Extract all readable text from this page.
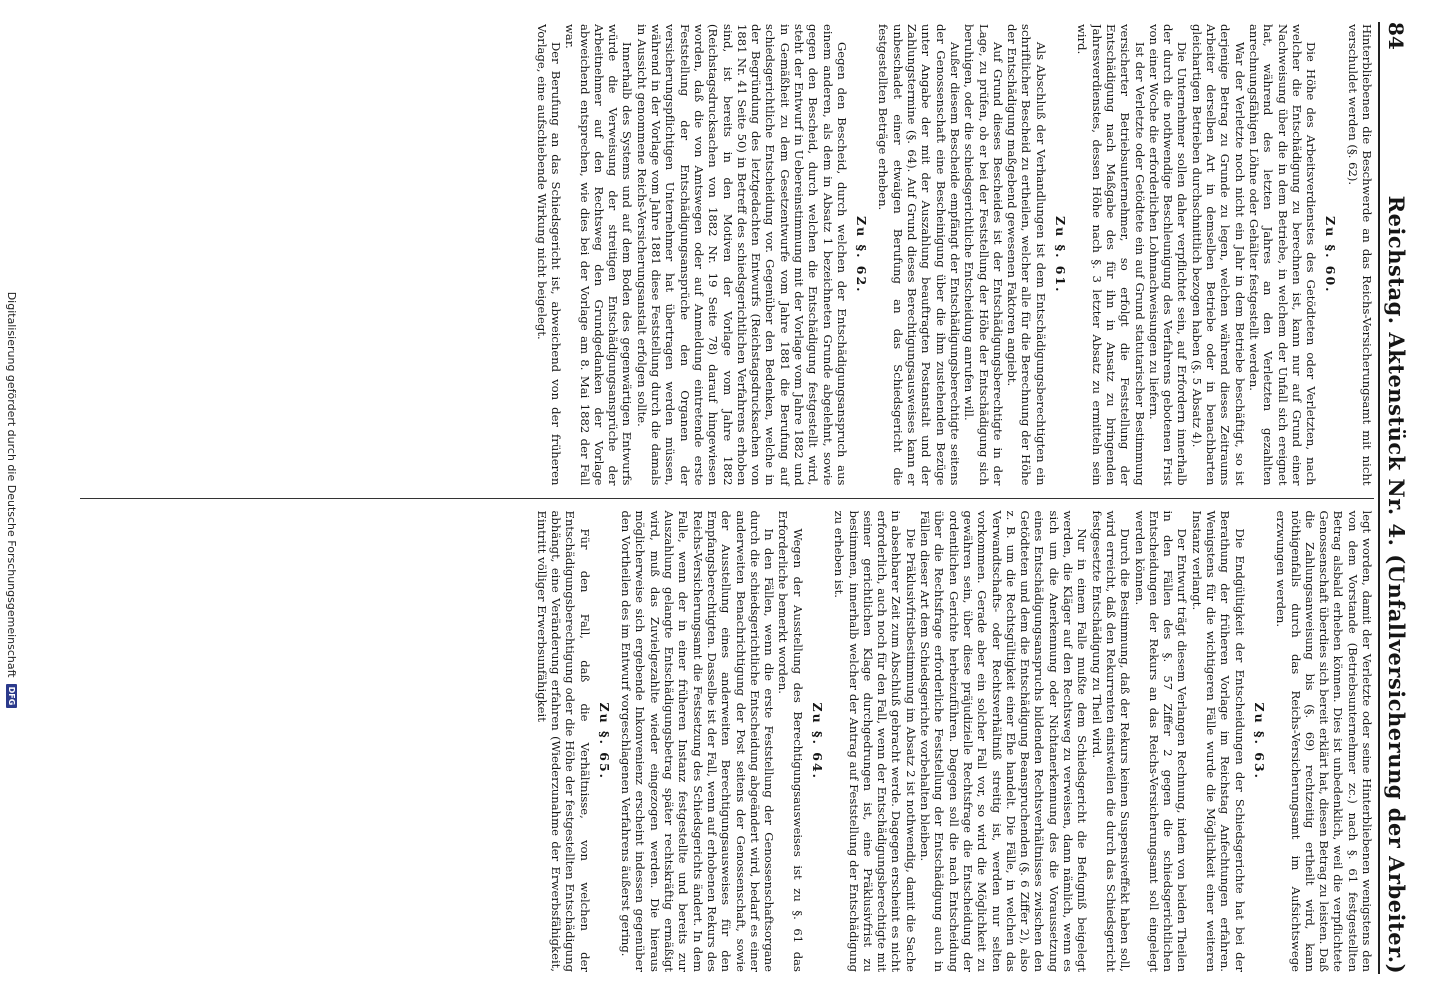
84
Reichstag. Aktenstück Nr. 4. (Unfallversicherung der Arbeiter.)

Hinterbliebenen die Beschwerde an das Reichs-Versicherungsamt mit nicht verschuldet werden (§. 62).

Zu §. 60.

Die Höhe des Arbeitsverdienstes des Getödteten oder Verletzten, nach welcher die Entschädigung zu berechnen ist, kann nur auf Grund einer Nachweisung über die in dem Betriebe, in welchem der Unfall sich ereignet hat, während des letzten Jahres an den Verletzten gezahlten anrechnungsfähigen Löhne oder Gehälter festgestellt werden.

War der Verletzte noch nicht ein Jahr in dem Betriebe beschäftigt, so ist derjenige Betrag zu Grunde zu legen, welchen während dieses Zeitraums Arbeiter derselben Art in demselben Betriebe oder in benachbarten gleichartigen Betrieben durchschnittlich bezogen haben (§. 5 Absatz 4).

Die Unternehmer sollen daher verpflichtet sein, auf Erfordern innerhalb der durch die nothwendige Beschleunigung des Verfahrens gebotenen Frist von einer Woche die erforderlichen Lohnnachweisungen zu liefern.

Ist der Verletzte oder Getödtete ein auf Grund statutarischer Bestimmung versicherter Betriebsunternehmer, so erfolgt die Feststellung der Entschädigung nach Maßgabe des für ihn in Ansatz zu bringenden Jahresverdienstes, dessen Höhe nach §. 3 letzter Absatz zu ermitteln sein wird.

Zu §. 61.

Als Abschluß der Verhandlungen ist dem Entschädigungsberechtigten ein schriftlicher Bescheid zu ertheilen, welcher alle für die Berechnung der Höhe der Entschädigung maßgebend gewesenen Faktoren angiebt.

Auf Grund dieses Bescheides ist der Entschädigungsberechtigte in der Lage, zu prüfen, ob er bei der Feststellung der Höhe der Entschädigung sich beruhigen, oder die schiedsgerichtliche Entscheidung anrufen will.

Außer diesem Bescheide empfängt der Entschädigungsberechtigte seitens der Genossenschaft eine Bescheinigung über die ihm zustehenden Bezüge unter Angabe der mit der Auszahlung beauftragten Postanstalt und der Zahlungstermine (§. 64). Auf Grund dieses Berechtigungsausweises kann er unbeschadet einer etwaigen Berufung an das Schiedsgericht die festgestellten Beträge erheben.

Zu §. 62.

Gegen den Bescheid, durch welchen der Entschädigungsanspruch aus einem anderen, als dem in Absatz 1 bezeichneten Grunde abgelehnt, sowie gegen den Bescheid, durch welchen die Entschädigung festgestellt wird, steht der Entwurf in Uebereinstimmung mit der Vorlage vom Jahre 1882 und in Gemäßheit zu dem Gesetzentwurfe vom Jahre 1881 die Berufung auf schiedsgerichtliche Entscheidung vor. Gegenüber den Bedenken, welche in der Begründung des letztgedachten Entwurfs (Reichstagsdrucksachen von 1881 Nr. 41 Seite 50) in Betreff des schiedsgerichtlichen Verfahrens erhoben sind, ist bereits in den Motiven der Vorlage vom Jahre 1882 (Reichstagsdrucksachen von 1882 Nr. 19 Seite 78) darauf hingewiesen worden, daß die von Amtswegen oder auf Anmeldung eintretende erste Feststellung der Entschädigungsansprüche den Organen der versicherungspflichtigen Unternehmer hat übertragen werden müssen, während in der Vorlage vom Jahre 1881 diese Feststellung durch die damals in Aussicht genommene Reichs-Versicherungsanstalt erfolgen sollte.

Innerhalb des Systems und auf dem Boden des gegenwärtigen Entwurfs würde die Verweisung der streitigen Entschädigungsansprüche der Arbeitnehmer auf den Rechtsweg den Grundgedanken der Vorlage abweichend entsprechen, wie dies bei der Vorlage am 8. Mai 1882 der Fall war.

Der Berufung an das Schiedsgericht ist, abweichend von der früheren Vorlage, eine aufschiebende Wirkung nicht beigelegt.

legt worden, damit der Verletzte oder seine Hinterbliebenen wenigstens den von dem Vorstande (Betriebsunternehmer zc.) nach §. 61 festgestellten Betrag alsbald erheben können. Dies ist unbedenklich, weil die verpflichtete Genossenschaft überdies sich bereit erklärt hat, diesen Betrag zu leisten. Daß die Zahlungsanweisung bis (§. 69) rechtzeitig ertheilt wird, kann nöthigenfalls durch das Reichs-Versicherungsamt im Aufsichtswege erzwungen werden.

Zu §. 63.

Die Endgültigkeit der Entscheidungen der Schiedsgerichte hat bei der Berathung der früheren Vorlage im Reichstag Anfechtungen erfahren. Wenigstens für die wichtigeren Fälle wurde die Möglichkeit einer weiteren Instanz verlangt.

Der Entwurf trägt diesem Verlangen Rechnung, indem von beiden Theilen in den Fällen des §. 57 Ziffer 2 gegen die schiedsgerichtlichen Entscheidungen der Rekurs an das Reichs-Versicherungsamt soll eingelegt werden können.

Durch die Bestimmung, daß der Rekurs keinen Suspensiveffekt haben soll, wird erreicht, daß den Rekurrenten einstweilen die durch das Schiedsgericht festgesetzte Entschädigung zu Theil wird.

Nur in einem Falle mußte dem Schiedsgericht die Befugniß beigelegt werden, die Kläger auf den Rechtsweg zu verweisen, dann nämlich, wenn es sich um die Anerkennung oder Nichtanerkennung des die Voraussetzung eines Entschädigungsanspruchs bildenden Rechtsverhältnisses zwischen den Getödteten und dem die Entschädigung Beanspruchenden (§. 6 Ziffer 2), also z. B. um die Rechtsgültigkeit einer Ehe handelt. Die Fälle, in welchen das Verwandtschafts- oder Rechtsverhältniß streitig ist, werden nur selten vorkommen. Gerade aber ein solcher Fall vor, so wird die Möglichkeit zu gewähren sein, über diese präjudizielle Rechtsfrage die Entscheidung der ordentlichen Gerichte herbeizuführen. Dagegen soll die nach Entscheidung über die Rechtsfrage erforderliche Feststellung der Entschädigung auch in Fällen dieser Art dem Schiedsgerichte vorbehalten bleiben.

Die Präklusivfristbestimmung im Absatz 2 ist nothwendig, damit die Sache in absehbarer Zeit zum Abschluß gebracht werde. Dagegen erscheint es nicht erforderlich, auch noch für den Fall, wenn der Entschädigungsberechtigte mit seiner gerichtlichen Klage durchgedrungen ist, eine Präklusivfrist zu bestimmen, innerhalb welcher der Antrag auf Feststellung der Entschädigung zu erheben ist.

Zu §. 64.

Wegen der Ausstellung des Berechtigungsausweises ist zu §. 61 das Erforderliche bemerkt worden.

In den Fällen, wenn die erste Feststellung der Genossenschaftsorgane durch die schiedsgerichtliche Entscheidung abgeändert wird, bedarf es einer anderweiten Benachrichtigung der Post seitens der Genossenschaft, sowie der Ausstellung eines anderweiten Berechtigungsausweises für den Empfangsberechtigten. Dasselbe ist der Fall, wenn auf erhobenen Rekurs des Reichs-Versicherungsamt die Festsetzung des Schiedsgerichts ändert. In dem Falle, wenn der in einer früheren Instanz festgestellte und bereits zur Auszahlung gelangte Entschädigungsbetrag später rechtskräftig ermäßigt wird, muß das Zuvielgezahlte wieder eingezogen werden. Die hieraus möglicherweise sich ergebende Inkonvenienz erscheint indessen gegenüber den Vortheilen des im Entwurf vorgeschlagenen Verfahrens äußerst gering.

Zu §. 65.

Für den Fall, daß die Verhältnisse, von welchen der Entschädigungsberechtigung oder die Höhe der festgestellten Entschädigung abhängt, eine Veränderung erfahren (Wiederzunahme der Erwerbsfähigkeit, Eintritt völliger Erwerbsunfähigkeit

Digitalisierung gefördert durch die Deutsche Forschungsgemeinschaft
DFG
